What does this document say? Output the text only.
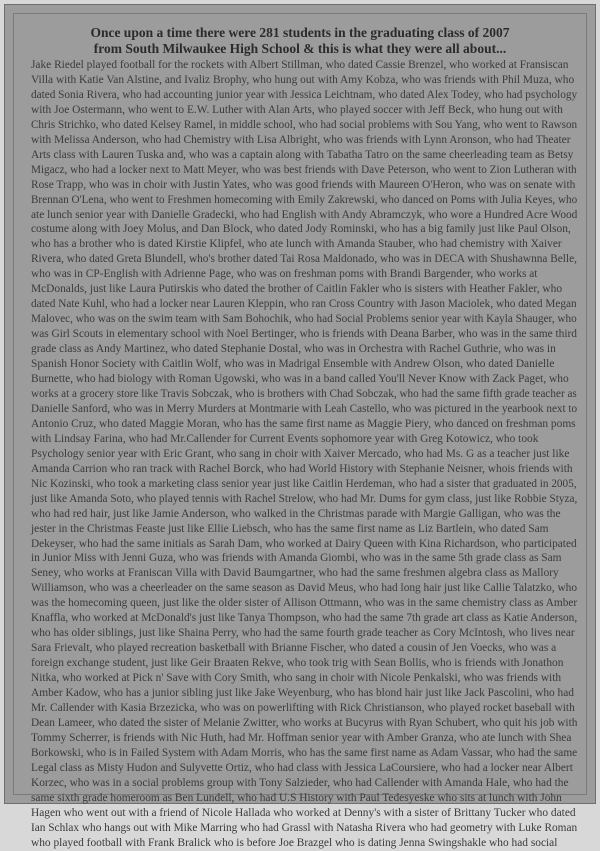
Once upon a time there were 281 students in the graduating class of 2007
from South Milwaukee High School & this is what they were all about...
Jake Riedel played football for the rockets with Albert Stillman, who dated Cassie Brenzel, who worked at Fransiscan
Villa with Katie Van Alstine, and Ivaliz Brophy, who hung out with Amy Kobza, who was friends with Phil Muza, who
dated Sonia Rivera, who had accounting junior year with Jessica Leichtnam, who dated Alex Todey, who had psychology
with Joe Ostermann, who went to E.W. Luther with Alan Arts, who played soccer with Jeff Beck, who hung out with
Chris Strichko, who dated Kelsey Ramel, in middle school, who had social problems with Sou Yang, who went to Rawson
with Melissa Anderson, who had Chemistry with Lisa Albright, who was friends with Lynn Aronson, who had Theater
Arts class with Lauren Tuska and, who was a captain along with Tabatha Tatro on the same cheerleading team as Betsy
Migacz, who had a locker next to Matt Meyer, who was best friends with Dave Peterson, who went to Zion Lutheran with
Rose Trapp, who was in choir with Justin Yates, who was good friends with Maureen O'Heron, who was on senate with
Brennan O'Lena, who went to Freshmen homecoming with Emily Zakrewski, who danced on Poms with Julia Keyes, who
ate lunch senior year with Danielle Gradecki, who had English with Andy Abramczyk, who wore a Hundred Acre Wood
costume along with Joey Molus, and Dan Block, who dated Jody Rominski, who has a big family just like Paul Olson,
who has a brother who is dated Kirstie Klipfel, who ate lunch with Amanda Stauber, who had chemistry with Xaiver
Rivera, who dated Greta Blundell, who's brother dated Tai Rosa Maldonado, who was in DECA with Shushawnna Belle,
who was in CP-English with Adrienne Page, who was on freshman poms with Brandi Bargender, who works at
McDonalds, just like Laura Putirskis who dated the brother of Caitlin Fakler who is sisters with Heather Fakler, who
dated Nate Kuhl, who had a locker near Lauren Kleppin, who ran Cross Country with Jason Maciolek, who dated Megan
Malovec, who was on the swim team with Sam Bohochik, who had Social Problems senior year with Kayla Shauger, who
was Girl Scouts in elementary school with Noel Bertinger, who is friends with Deana Barber, who was in the same third
grade class as Andy Martinez, who dated Stephanie Dostal, who was in Orchestra with Rachel Guthrie, who was in
Spanish Honor Society with Caitlin Wolf, who was in Madrigal Ensemble with Andrew Olson, who dated Danielle
Burnette, who had biology with Roman Ugowski, who was in a band called You'll Never Know with Zack Paget, who
works at a grocery store like Travis Sobczak, who is brothers with Chad Sobczak, who had the same fifth grade teacher as
Danielle Sanford, who was in Merry Murders at Montmarie with Leah Castello, who was pictured in the yearbook next to
Antonio Cruz, who dated Maggie Moran, who has the same first name as Maggie Piery, who danced on freshman poms
with Lindsay Farina, who had Mr.Callender for Current Events sophomore year with Greg Kotowicz, who took
Psychology senior year with Eric Grant, who sang in choir with Xaiver Mercado, who had Ms. G as a teacher just like
Amanda Carrion who ran track with Rachel Borck, who had World History with Stephanie Neisner, whois friends with
Nic Kozinski, who took a marketing class senior year just like Caitlin Herdeman, who had a sister that graduated in 2005,
just like Amanda Soto, who played tennis with Rachel Strelow, who had Mr. Dums for gym class, just like Robbie Styza,
who had red hair, just like Jamie Anderson, who walked in the Christmas parade with Margie Galligan, who was the
jester in the Christmas Feaste just like Ellie Liebsch, who has the same first name as Liz Bartlein, who dated Sam
Dekeyser, who had the same initials as Sarah Dam, who worked at Dairy Queen with Kina Richardson, who participated
in Junior Miss with Jenni Guza, who was friends with Amanda Giombi, who was in the same 5th grade class as Sam
Seney, who works at Franiscan Villa with David Baumgartner, who had the same freshmen algebra class as Mallory
Williamson, who was a cheerleader on the same season as David Meus, who had long hair just like Callie Talatzko, who
was the homecoming queen, just like the older sister of Allison Ottmann, who was in the same chemistry class as Amber
Knaffla, who worked at McDonald's just like Tanya Thompson, who had the same 7th grade art class as Katie Anderson,
who has older siblings, just like Shaina Perry, who had the same fourth grade teacher as Cory McIntosh, who lives near
Sara Frievalt, who played recreation basketball with Brianne Fischer, who dated a cousin of Jen Voecks, who was a
foreign exchange student, just like Geir Braaten Rekve, who took trig with Sean Bollis, who is friends with Jonathon
Nitka, who worked at Pick n' Save with Cory Smith, who sang in choir with Nicole Penkalski, who was friends with
Amber Kadow, who has a junior sibling just like Jake Weyenburg, who has blond hair just like Jack Pascolini, who had
Mr. Callender with Kasia Brzezicka, who was on powerlifting with Rick Christianson, who played rocket baseball with
Dean Lameer, who dated the sister of Melanie Zwitter, who works at Bucyrus with Ryan Schubert, who quit his job with
Tommy Scherrer, is friends with Nic Huth, had Mr. Hoffman senior year with Amber Granza, who ate lunch with Shea
Borkowski, who is in Failed System with Adam Morris, who has the same first name as Adam Vassar, who had the same
Legal class as Misty Hudon and Sulyvette Ortiz, who had class with Jessica LaCoursiere, who had a locker near Albert
Korzec, who was in a social problems group with Tony Salzieder, who had Callender with Amanda Hale, who had the
same sixth grade homeroom as Ben Lundell, who had U.S History with Paul Tedesyeske who sits at lunch with John
Hagen who went out with a friend of Nicole Hallada who worked at Denny's with a sister of Brittany Tucker who dated
Ian Schlax who hangs out with Mike Marring who had Grassl with Natasha Rivera who had geometry with Luke Roman
who played football with Frank Bralick who is before Joe Brazgel who is dating Jenna Swingshakle who had social
